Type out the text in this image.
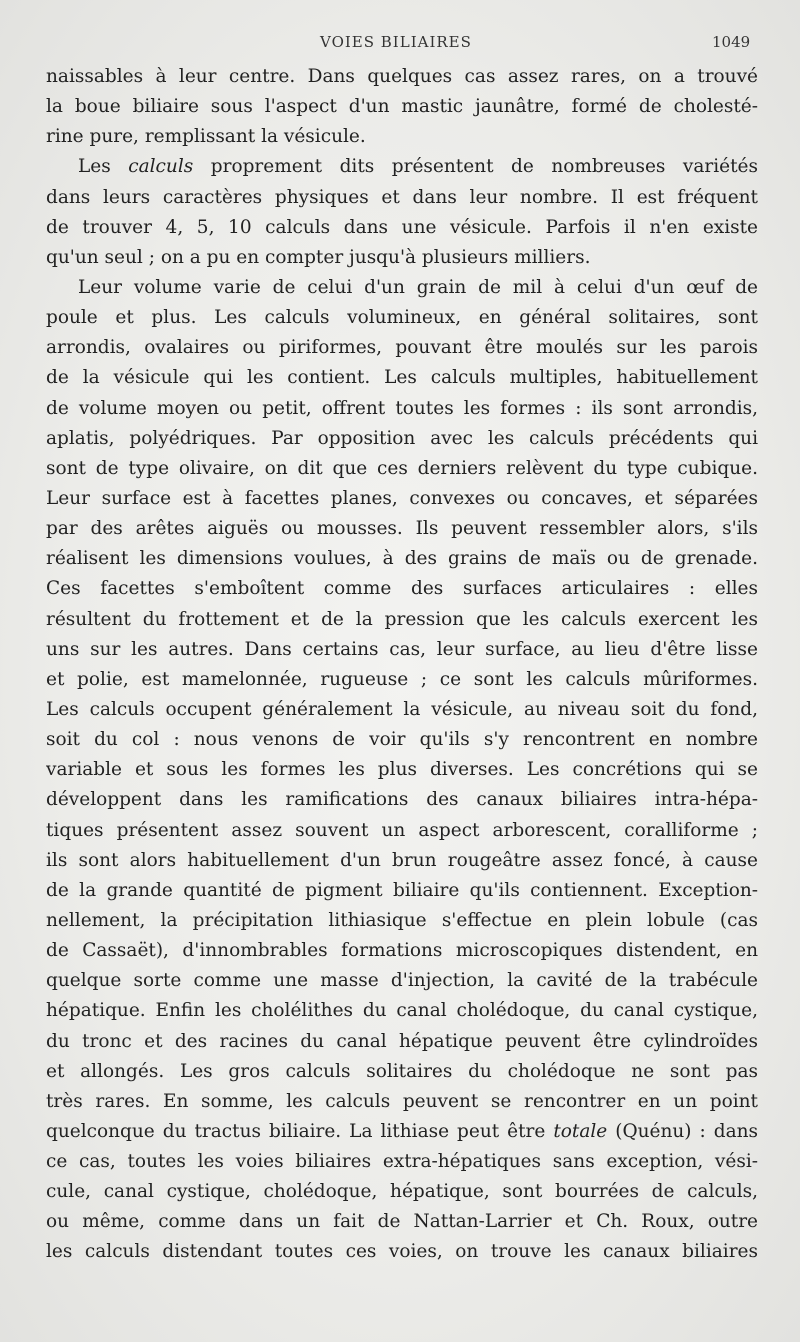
VOIES BILIAIRES	1049
naissables à leur centre. Dans quelques cas assez rares, on a trouvé
la boue biliaire sous l'aspect d'un mastic jaunâtre, formé de cholesté-
rine pure, remplissant la vésicule.
Les calculs proprement dits présentent de nombreuses variétés
dans leurs caractères physiques et dans leur nombre. Il est fréquent
de trouver 4, 5, 10 calculs dans une vésicule. Parfois il n'en existe
qu'un seul ; on a pu en compter jusqu'à plusieurs milliers.
Leur volume varie de celui d'un grain de mil à celui d'un œuf de
poule et plus. Les calculs volumineux, en général solitaires, sont
arrondis, ovalaires ou piriformes, pouvant être moulés sur les parois
de la vésicule qui les contient. Les calculs multiples, habituellement
de volume moyen ou petit, offrent toutes les formes : ils sont arrondis,
aplatis, polyédriques. Par opposition avec les calculs précédents qui
sont de type olivaire, on dit que ces derniers relèvent du type cubique.
Leur surface est à facettes planes, convexes ou concaves, et séparées
par des arêtes aiguës ou mousses. Ils peuvent ressembler alors, s'ils
réalisent les dimensions voulues, à des grains de maïs ou de grenade.
Ces facettes s'emboîtent comme des surfaces articulaires : elles
résultent du frottement et de la pression que les calculs exercent les
uns sur les autres. Dans certains cas, leur surface, au lieu d'être lisse
et polie, est mamelonnée, rugueuse ; ce sont les calculs mûriformes.
Les calculs occupent généralement la vésicule, au niveau soit du fond,
soit du col : nous venons de voir qu'ils s'y rencontrent en nombre
variable et sous les formes les plus diverses. Les concrétions qui se
développent dans les ramifications des canaux biliaires intra-hépa-
tiques présentent assez souvent un aspect arborescent, coralliforme ;
ils sont alors habituellement d'un brun rougeâtre assez foncé, à cause
de la grande quantité de pigment biliaire qu'ils contiennent. Exception-
nellement, la précipitation lithiasique s'effectue en plein lobule (cas
de Cassaët), d'innombrables formations microscopiques distendent, en
quelque sorte comme une masse d'injection, la cavité de la trabécule
hépatique. Enfin les cholélithes du canal cholédoque, du canal cystique,
du tronc et des racines du canal hépatique peuvent être cylindroïdes
et allongés. Les gros calculs solitaires du cholédoque ne sont pas
très rares. En somme, les calculs peuvent se rencontrer en un point
quelconque du tractus biliaire. La lithiase peut être totale (Quénu) : dans
ce cas, toutes les voies biliaires extra-hépatiques sans exception, vési-
cule, canal cystique, cholédoque, hépatique, sont bourrées de calculs,
ou même, comme dans un fait de Nattan-Larrier et Ch. Roux, outre
les calculs distendant toutes ces voies, on trouve les canaux biliaires
